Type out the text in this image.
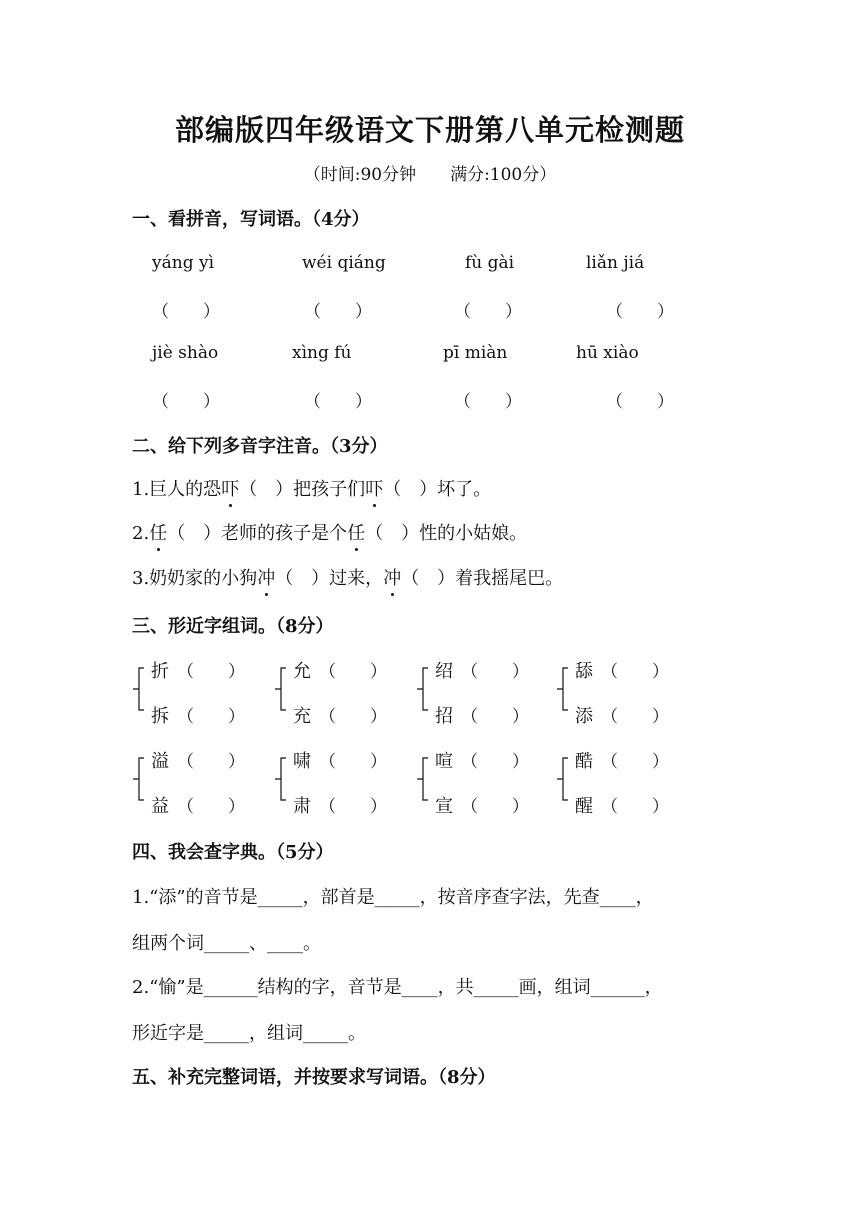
部编版四年级语文下册第八单元检测题
（时间:90分钟　　满分:100分）
一、看拼音，写词语。（4分）
yáng yì	wéi qiáng	fù gài	liǎn jiá
（　　）	（　　）	（　　）	（　　）
jiè shào	xìng fú	pī miàn	hū xiào
（　　）	（　　）	（　　）	（　　）
二、给下列多音字注音。（3分）
1.巨人的恐吓（　）把孩子们吓（　）坏了。
2.任（　）老师的孩子是个任（　）性的小姑娘。
3.奶奶家的小狗冲（　）过来，冲（　）着我摇尾巴。
三、形近字组词。（8分）
折 （　　）
拆 （　　）
允 （　　）
充 （　　）
绍 （　　）
招 （　　）
舔 （　　）
添 （　　）
溢 （　　）
益 （　　）
啸 （　　）
肃 （　　）
喧 （　　）
宣 （　　）
酷 （　　）
醒 （　　）
四、我会查字典。（5分）
1.“添”的音节是_____，部首是_____，按音序查字法，先查____，
组两个词_____、____。
2.“愉”是______结构的字，音节是____，共_____画，组词______，
形近字是_____，组词_____。
五、补充完整词语，并按要求写词语。（8分）
